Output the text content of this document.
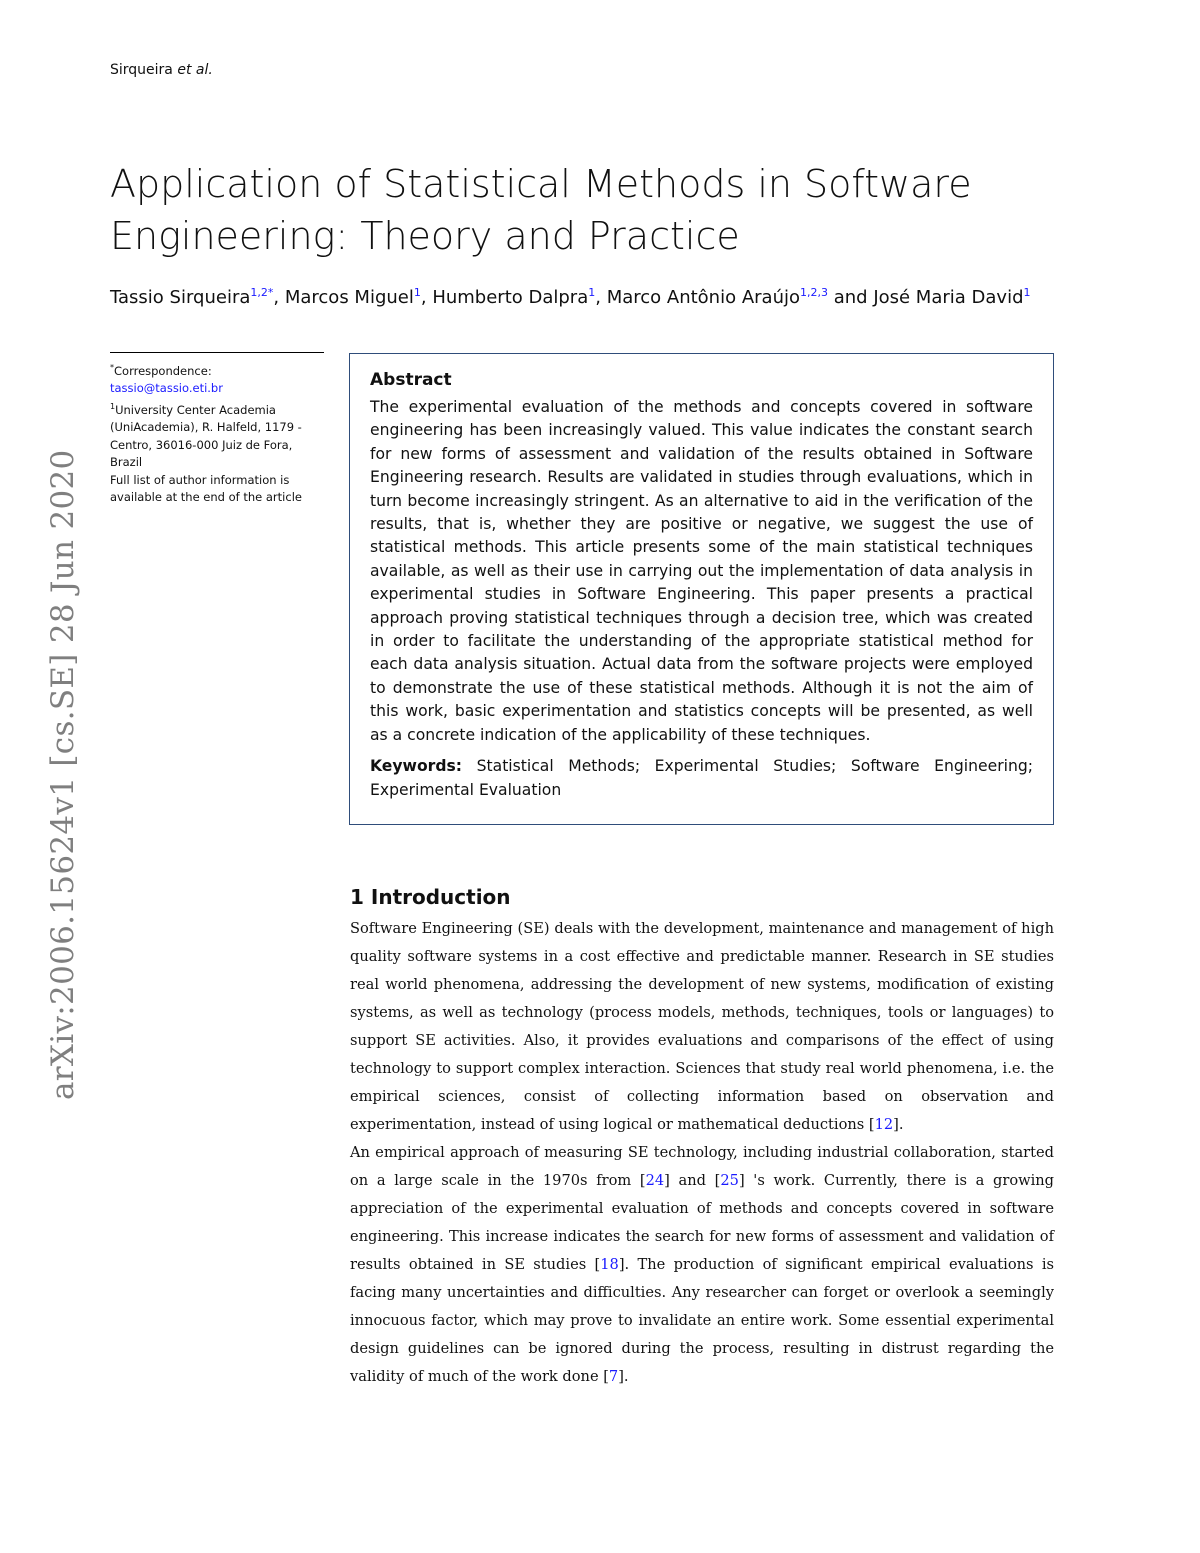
Sirqueira et al.
arXiv:2006.15624v1 [cs.SE] 28 Jun 2020
Application of Statistical Methods in Software Engineering: Theory and Practice
Tassio Sirqueira$^{1,2*}$, Marcos Miguel$^1$, Humberto Dalpra$^1$, Marco Antônio Araújo$^{1,2,3}$ and José Maria David$^1$
*Correspondence:
tassio@tassio.eti.br
$^1$University Center Academia (UniAcademia), R. Halfeld, 1179 - Centro, 36016-000 Juiz de Fora, Brazil
Full list of author information is available at the end of the article
Abstract

The experimental evaluation of the methods and concepts covered in software engineering has been increasingly valued. This value indicates the constant search for new forms of assessment and validation of the results obtained in Software Engineering research. Results are validated in studies through evaluations, which in turn become increasingly stringent. As an alternative to aid in the verification of the results, that is, whether they are positive or negative, we suggest the use of statistical methods. This article presents some of the main statistical techniques available, as well as their use in carrying out the implementation of data analysis in experimental studies in Software Engineering. This paper presents a practical approach proving statistical techniques through a decision tree, which was created in order to facilitate the understanding of the appropriate statistical method for each data analysis situation. Actual data from the software projects were employed to demonstrate the use of these statistical methods. Although it is not the aim of this work, basic experimentation and statistics concepts will be presented, as well as a concrete indication of the applicability of these techniques.

Keywords: Statistical Methods; Experimental Studies; Software Engineering; Experimental Evaluation

1 Introduction

Software Engineering (SE) deals with the development, maintenance and management of high quality software systems in a cost effective and predictable manner. Research in SE studies real world phenomena, addressing the development of new systems, modification of existing systems, as well as technology (process models, methods, techniques, tools or languages) to support SE activities. Also, it provides evaluations and comparisons of the effect of using technology to support complex interaction. Sciences that study real world phenomena, i.e. the empirical sciences, consist of collecting information based on observation and experimentation, instead of using logical or mathematical deductions [12].

An empirical approach of measuring SE technology, including industrial collaboration, started on a large scale in the 1970s from [24] and [25] 's work. Currently, there is a growing appreciation of the experimental evaluation of methods and concepts covered in software engineering. This increase indicates the search for new forms of assessment and validation of results obtained in SE studies [18]. The production of significant empirical evaluations is facing many uncertainties and difficulties. Any researcher can forget or overlook a seemingly innocuous factor, which may prove to invalidate an entire work. Some essential experimental design guidelines can be ignored during the process, resulting in distrust regarding the validity of much of the work done [7].
